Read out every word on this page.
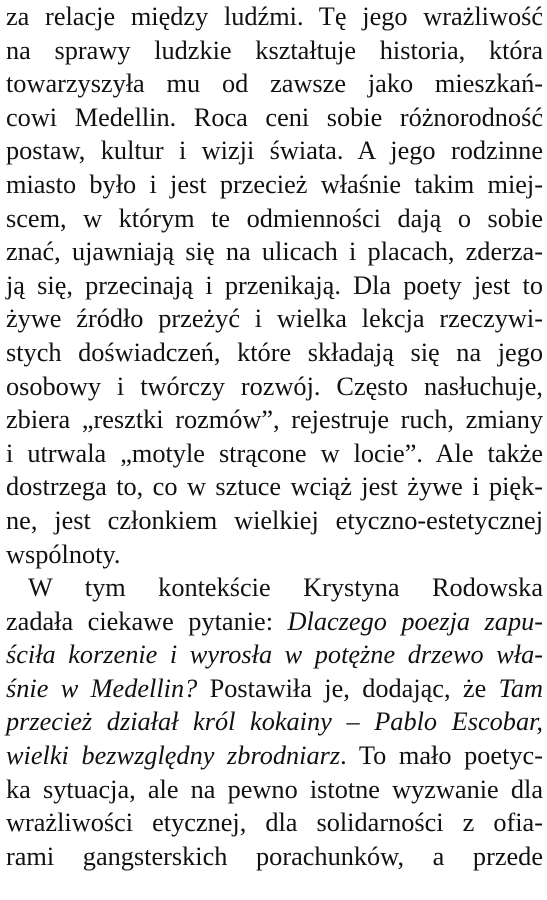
za relacje między ludźmi. Tę jego wrażliwość
na sprawy ludzkie kształtuje historia, która
towarzyszyła mu od zawsze jako mieszkań-
cowi Medellin. Roca ceni sobie różnorodność
postaw, kultur i wizji świata. A jego rodzinne
miasto było i jest przecież właśnie takim miej-
scem, w którym te odmienności dają o sobie
znać, ujawniają się na ulicach i placach, zderza-
ją się, przecinają i przenikają. Dla poety jest to
żywe źródło przeżyć i wielka lekcja rzeczywi-
stych doświadczeń, które składają się na jego
osobowy i twórczy rozwój. Często nasłuchuje,
zbiera „resztki rozmów”, rejestruje ruch, zmiany
i utrwala „motyle strącone w locie”. Ale także
dostrzega to, co w sztuce wciąż jest żywe i pięk-
ne, jest członkiem wielkiej etyczno-estetycznej
wspólnoty.
W tym kontekście Krystyna Rodowska
zadała ciekawe pytanie: Dlaczego poezja zapu-
ściła korzenie i wyrosła w potężne drzewo wła-
śnie w Medellin? Postawiła je, dodając, że Tam
przecież działał król kokainy – Pablo Escobar,
wielki bezwzględny zbrodniarz. To mało poetyc-
ka sytuacja, ale na pewno istotne wyzwanie dla
wrażliwości etycznej, dla solidarności z ofia-
rami gangsterskich porachunków, a przede
